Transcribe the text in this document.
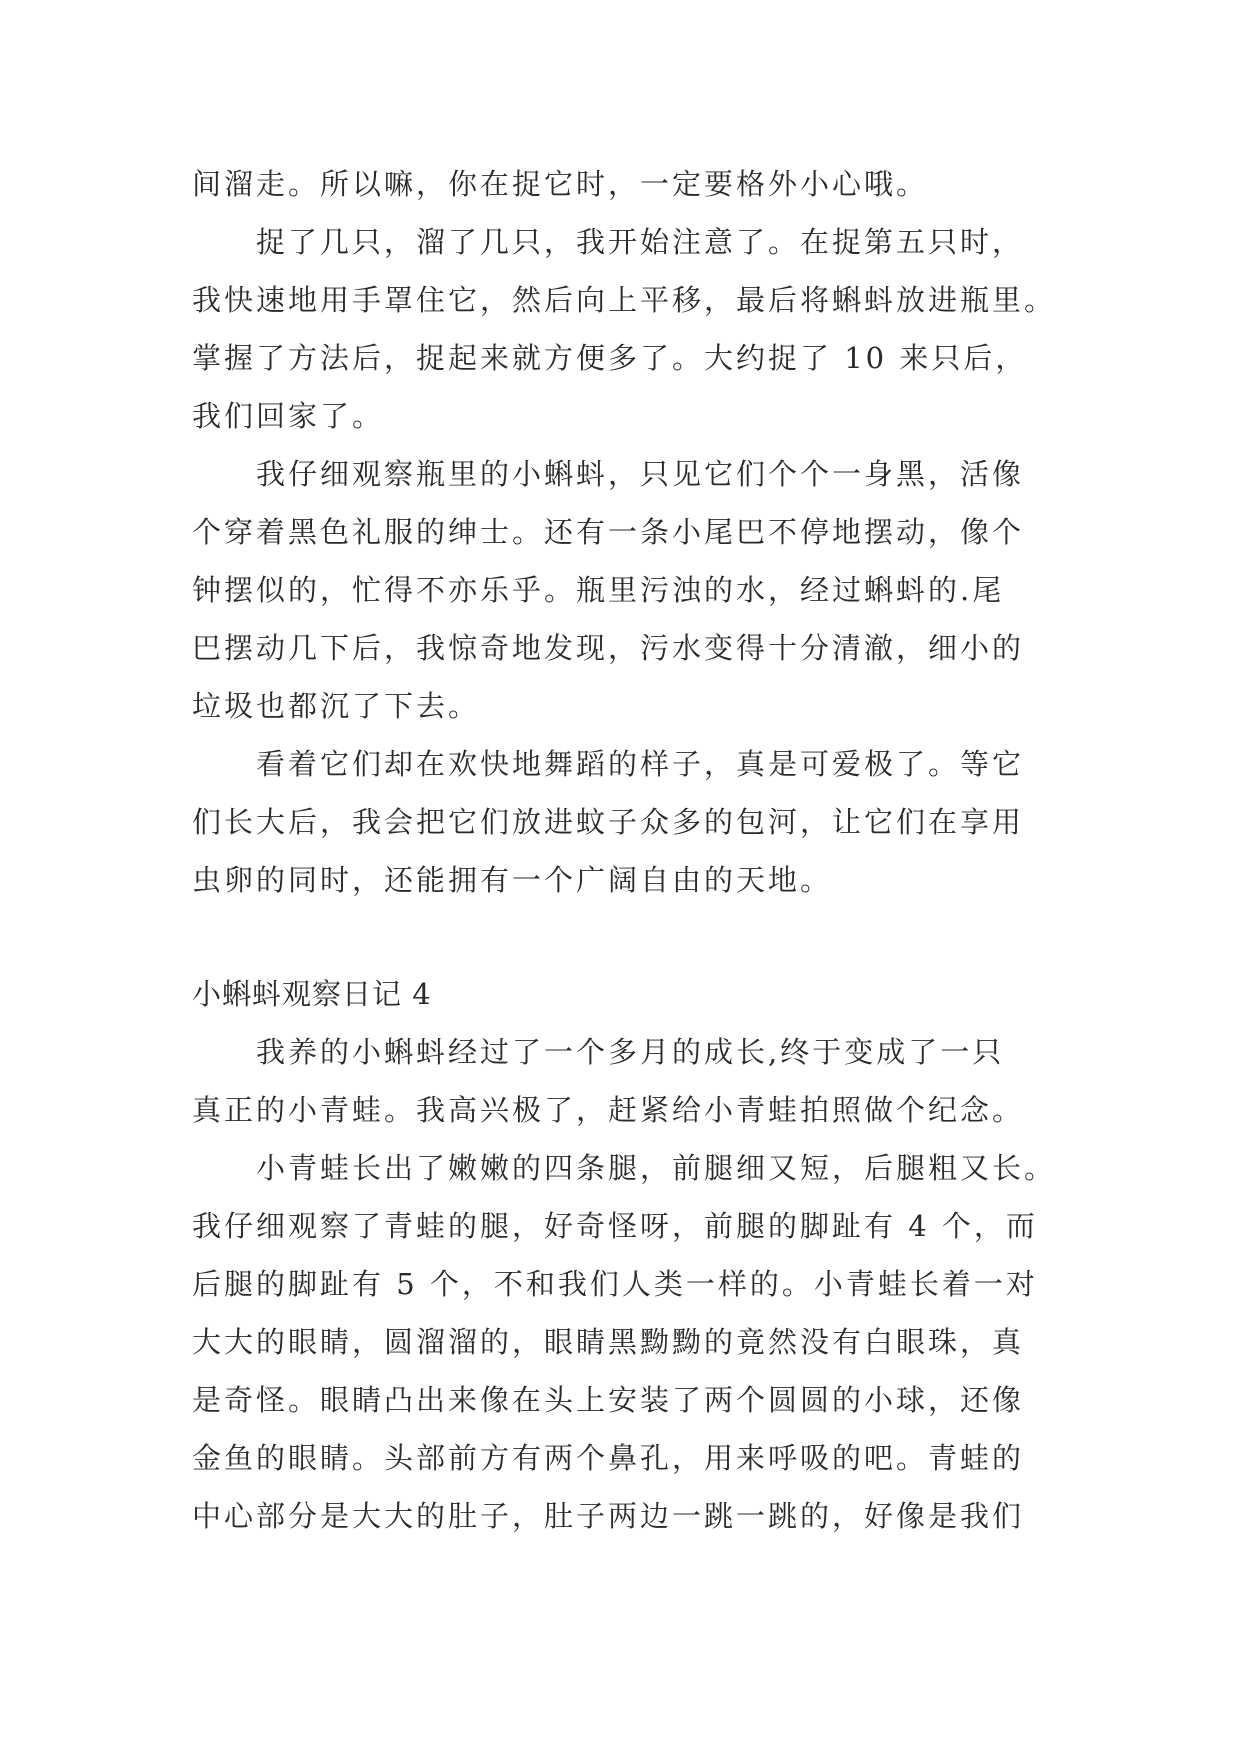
间溜走。所以嘛，你在捉它时，一定要格外小心哦。

　　捉了几只，溜了几只，我开始注意了。在捉第五只时，

我快速地用手罩住它，然后向上平移，最后将蝌蚪放进瓶里。

掌握了方法后，捉起来就方便多了。大约捉了 10 来只后，

我们回家了。

　　我仔细观察瓶里的小蝌蚪，只见它们个个一身黑，活像

个穿着黑色礼服的绅士。还有一条小尾巴不停地摆动，像个

钟摆似的，忙得不亦乐乎。瓶里污浊的水，经过蝌蚪的.尾

巴摆动几下后，我惊奇地发现，污水变得十分清澈，细小的

垃圾也都沉了下去。

　　看着它们却在欢快地舞蹈的样子，真是可爱极了。等它

们长大后，我会把它们放进蚊子众多的包河，让它们在享用

虫卵的同时，还能拥有一个广阔自由的天地。

小蝌蚪观察日记 4

　　我养的小蝌蚪经过了一个多月的成长,终于变成了一只

真正的小青蛙。我高兴极了，赶紧给小青蛙拍照做个纪念。

　　小青蛙长出了嫩嫩的四条腿，前腿细又短，后腿粗又长。

我仔细观察了青蛙的腿，好奇怪呀，前腿的脚趾有 4 个，而

后腿的脚趾有 5 个，不和我们人类一样的。小青蛙长着一对

大大的眼睛，圆溜溜的，眼睛黑黝黝的竟然没有白眼珠，真

是奇怪。眼睛凸出来像在头上安装了两个圆圆的小球，还像

金鱼的眼睛。头部前方有两个鼻孔，用来呼吸的吧。青蛙的

中心部分是大大的肚子，肚子两边一跳一跳的，好像是我们
